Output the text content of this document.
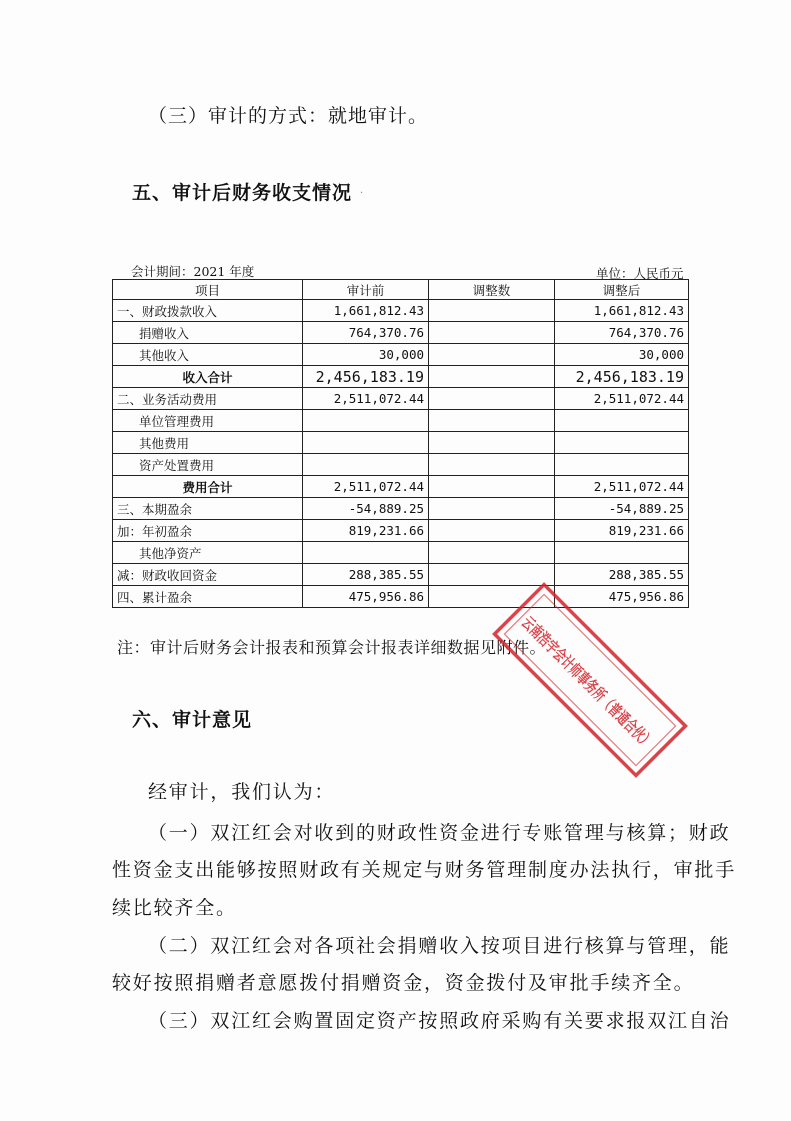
（三）审计的方式：就地审计。
五、审计后财务收支情况 ·
会计期间：2021 年度	单位：人民币元
项目	审计前	调整数	调整后
一、财政拨款收入	1,661,812.43		1,661,812.43
捐赠收入	764,370.76		764,370.76
其他收入	30,000		30,000
收入合计	2,456,183.19		2,456,183.19
二、业务活动费用	2,511,072.44		2,511,072.44
单位管理费用			
其他费用			
资产处置费用			
费用合计	2,511,072.44		2,511,072.44
三、本期盈余	-54,889.25		-54,889.25
加：年初盈余	819,231.66		819,231.66
其他净资产			
减：财政收回资金	288,385.55		288,385.55
四、累计盈余	475,956.86		475,956.86
注：审计后财务会计报表和预算会计报表详细数据见附件。
六、审计意见
经审计，我们认为：
（一）双江红会对收到的财政性资金进行专账管理与核算；财政
性资金支出能够按照财政有关规定与财务管理制度办法执行，审批手
续比较齐全。
（二）双江红会对各项社会捐赠收入按项目进行核算与管理，能
较好按照捐赠者意愿拨付捐赠资金，资金拨付及审批手续齐全。
（三）双江红会购置固定资产按照政府采购有关要求报双江自治
云南浩宇会计师事务所（普通合伙）
